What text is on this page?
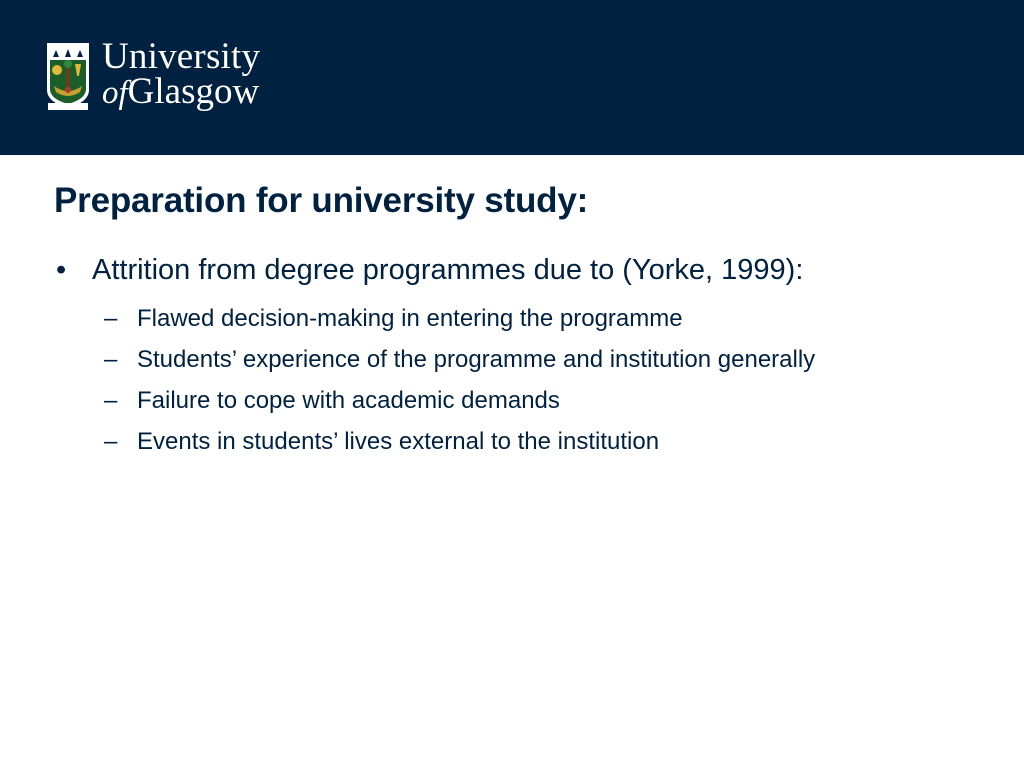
University
ofGlasgow
Preparation for university study:
• Attrition from degree programmes due to (Yorke, 1999):
– Flawed decision-making in entering the programme
– Students’ experience of the programme and institution generally
– Failure to cope with academic demands
– Events in students’ lives external to the institution
